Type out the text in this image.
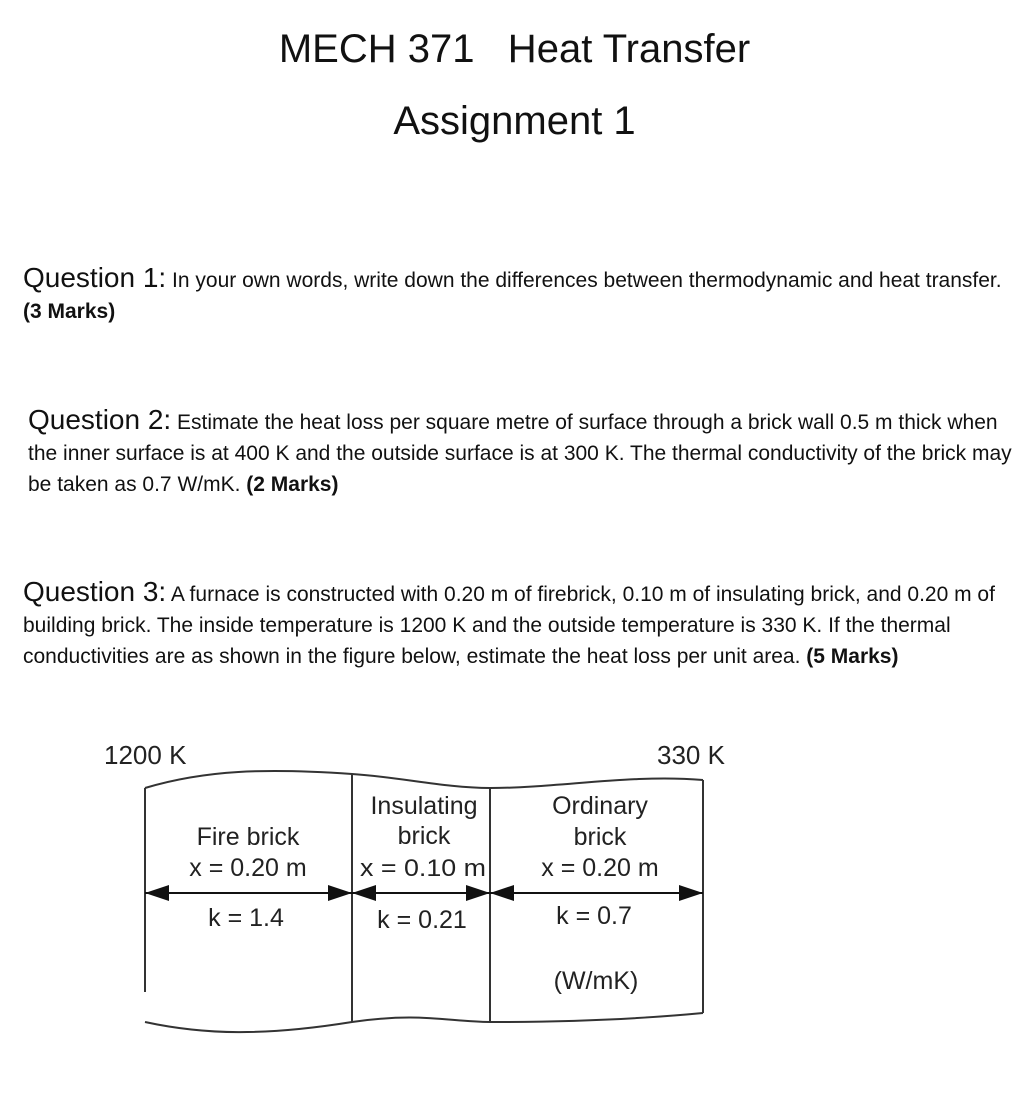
MECH 371   Heat Transfer
Assignment 1
Question 1: In your own words, write down the differences between thermodynamic and heat transfer. (3 Marks)
Question 2: Estimate the heat loss per square metre of surface through a brick wall 0.5 m thick when the inner surface is at 400 K and the outside surface is at 300 K. The thermal conductivity of the brick may be taken as 0.7 W/mK. (2 Marks)
Question 3: A furnace is constructed with 0.20 m of firebrick, 0.10 m of insulating brick, and 0.20 m of building brick. The inside temperature is 1200 K and the outside temperature is 330 K. If the thermal conductivities are as shown in the figure below, estimate the heat loss per unit area. (5 Marks)
1200 K	330 K
Fire brick
x = 0.20 m
k = 1.4
Insulating
brick
x = 0.10 m
k = 0.21
Ordinary
brick
x = 0.20 m
k = 0.7
(W/mK)
